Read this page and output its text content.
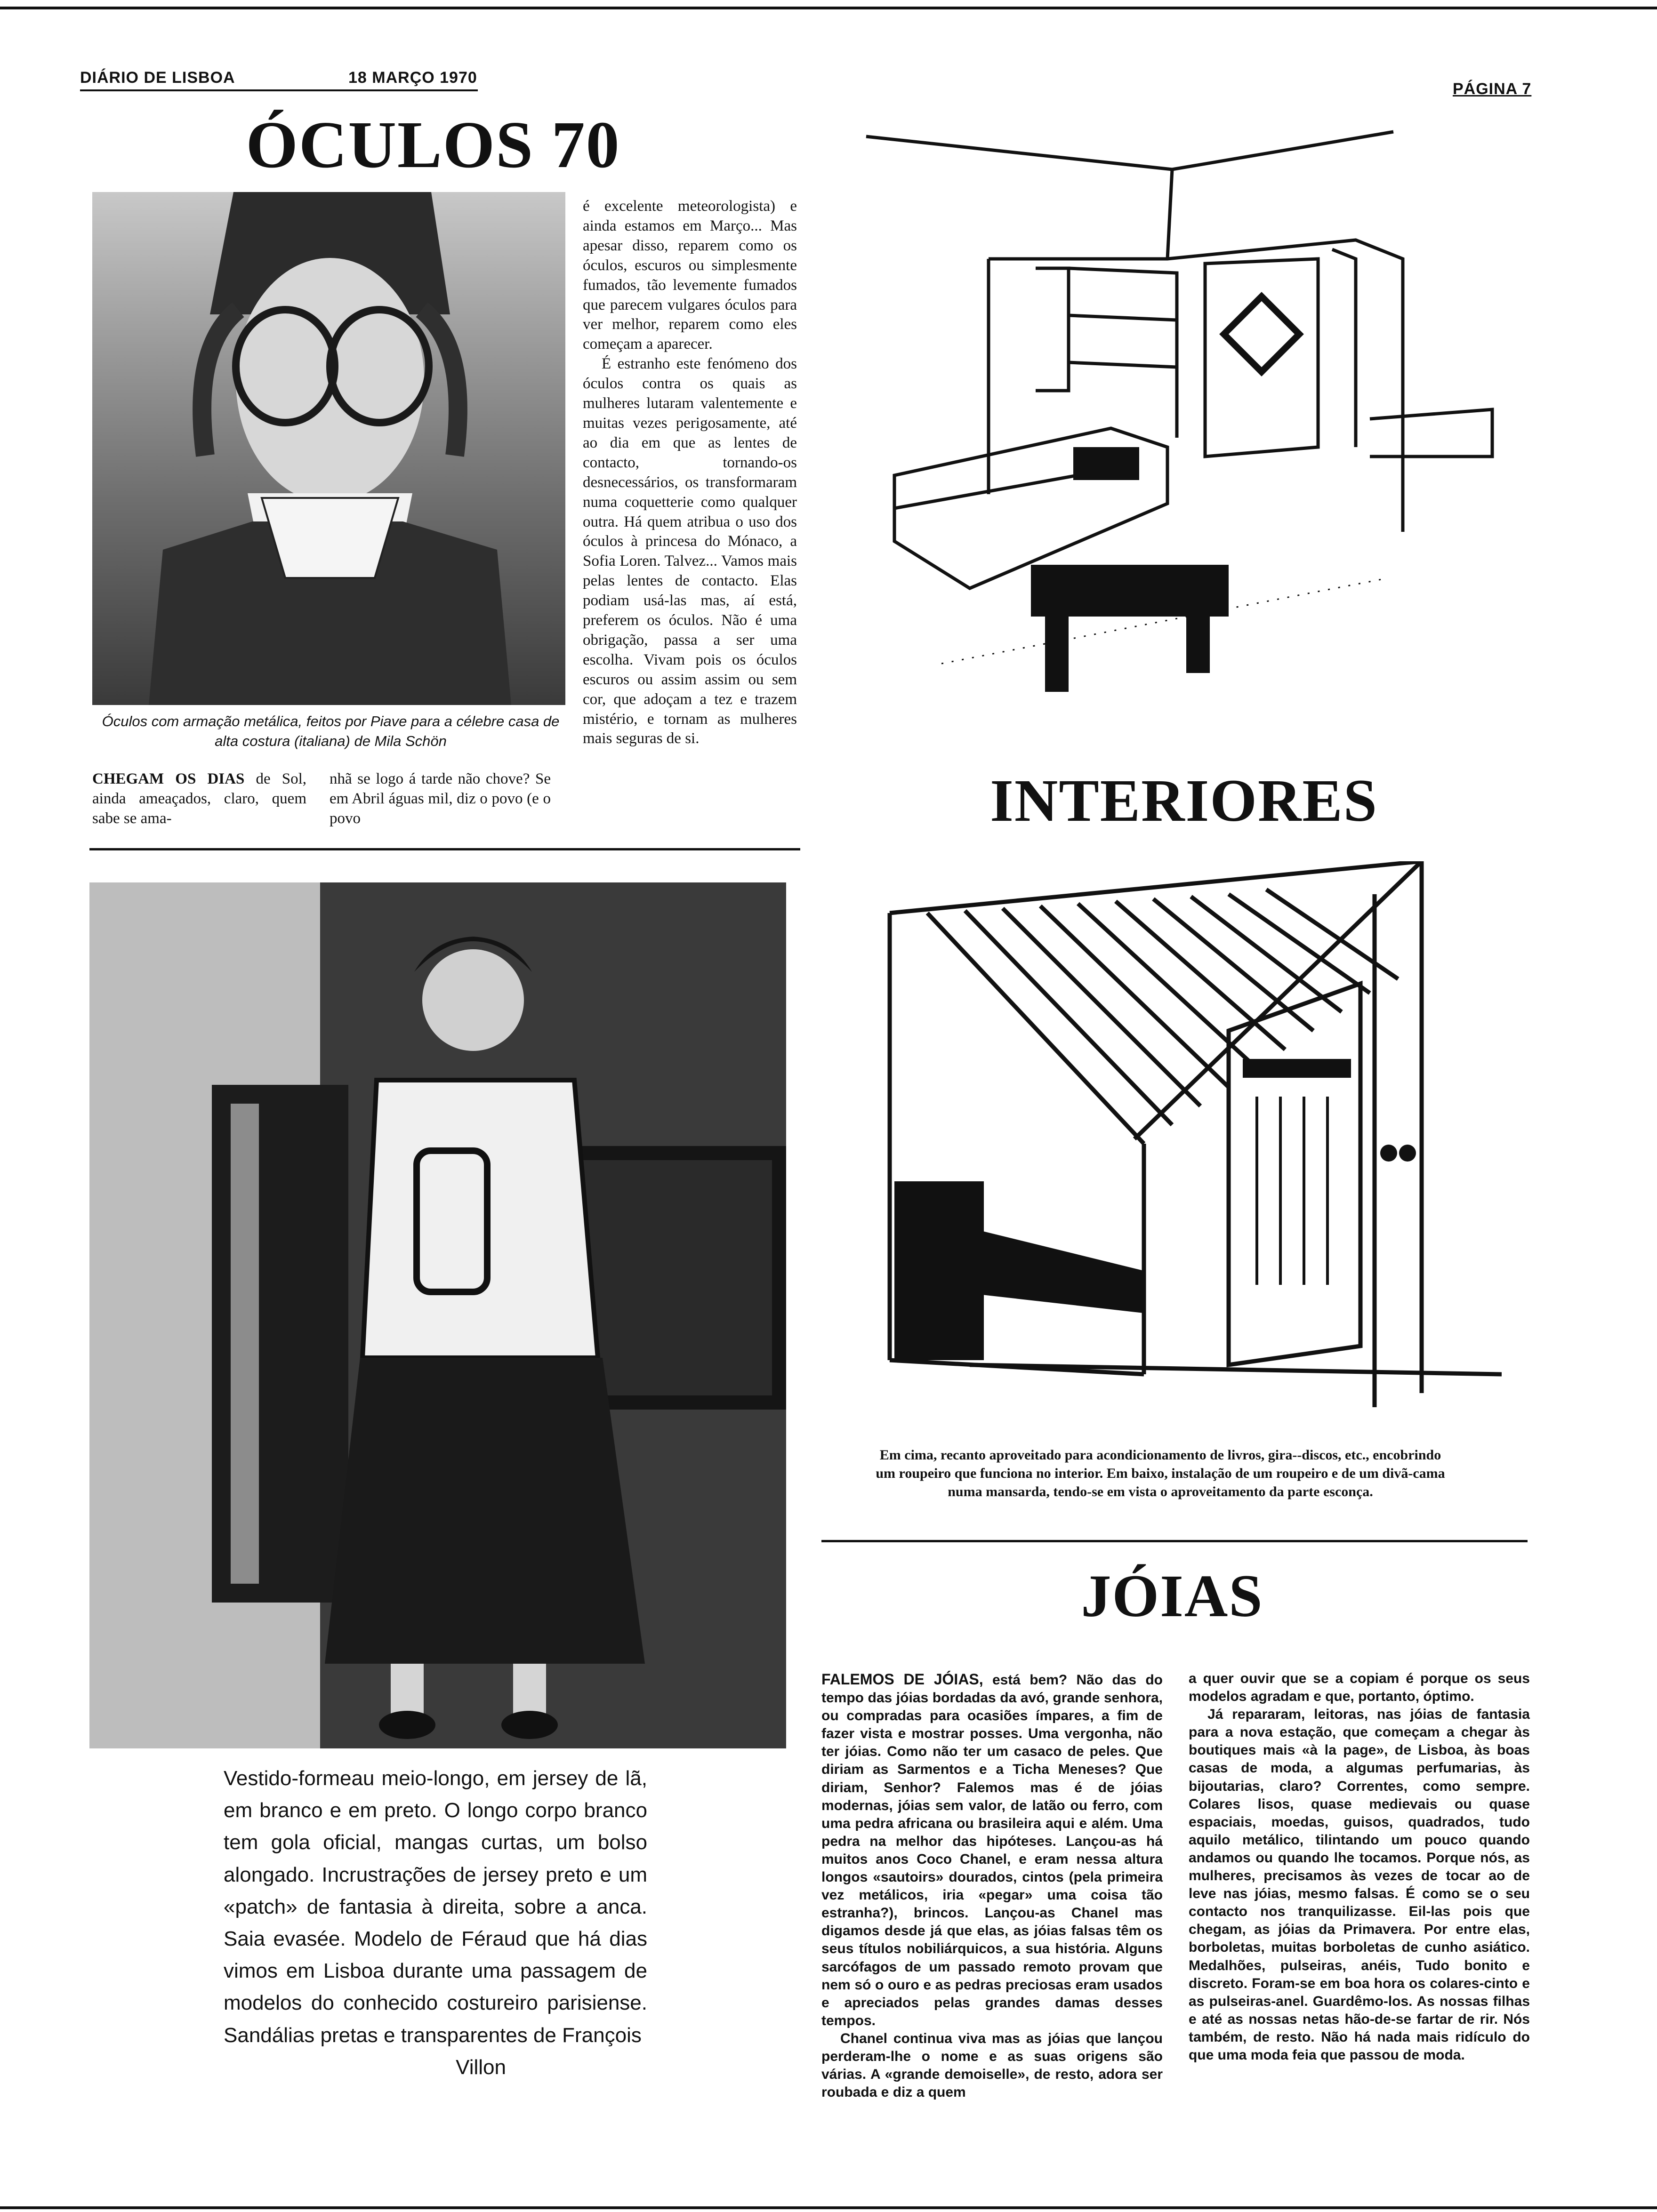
DIÁRIO DE LISBOA	18 MARÇO 1970
PÁGINA 7
ÓCULOS 70
Óculos com armação metálica, feitos por Piave para a célebre casa de alta costura (italiana) de Mila Schön
CHEGAM OS DIAS de Sol, ainda ameaçados, claro, quem sabe se ama-
nhã se logo á tarde não chove? Se em Abril águas mil, diz o povo (e o povo

é excelente meteorologista) e ainda estamos em Março... Mas apesar disso, reparem como os óculos, escuros ou simplesmente fumados, tão levemente fumados que parecem vulgares óculos para ver melhor, reparem como eles começam a aparecer.

É estranho este fenómeno dos óculos contra os quais as mulheres lutaram valentemente e muitas vezes perigosamente, até ao dia em que as lentes de contacto, tornando-os desnecessários, os transformaram numa coquetterie como qualquer outra. Há quem atribua o uso dos óculos à princesa do Mónaco, a Sofia Loren. Talvez... Vamos mais pelas lentes de contacto. Elas podiam usá-las mas, aí está, preferem os óculos. Não é uma obrigação, passa a ser uma escolha. Vivam pois os óculos escuros ou assim assim ou sem cor, que adoçam a tez e trazem mistério, e tornam as mulheres mais seguras de si.

Vestido-formeau meio-longo, em jersey de lã, em branco e em preto. O longo corpo branco tem gola oficial, mangas curtas, um bolso alongado. Incrustrações de jersey preto e um «patch» de fantasia à direita, sobre a anca. Saia evasée. Modelo de Féraud que há dias vimos em Lisboa durante uma passagem de modelos do conhecido costureiro parisiense. Sandálias pretas e transparentes de François
Villon
INTERIORES
Em cima, recanto aproveitado para acondicionamento de livros, gira--discos, etc., encobrindo um roupeiro que funciona no interior. Em baixo, instalação de um roupeiro e de um divã-cama numa mansarda, tendo-se em vista o aproveitamento da parte esconça.
JÓIAS

FALEMOS DE JÓIAS, está bem? Não das do tempo das jóias bordadas da avó, grande senhora, ou compradas para ocasiões ímpares, a fim de fazer vista e mostrar posses. Uma vergonha, não ter jóias. Como não ter um casaco de peles. Que diriam as Sarmentos e a Ticha Meneses? Que diriam, Senhor? Falemos mas é de jóias modernas, jóias sem valor, de latão ou ferro, com uma pedra africana ou brasileira aqui e além. Uma pedra na melhor das hipóteses. Lançou-as há muitos anos Coco Chanel, e eram nessa altura longos «sautoirs» dourados, cintos (pela primeira vez metálicos, iria «pegar» uma coisa tão estranha?), brincos. Lançou-as Chanel mas digamos desde já que elas, as jóias falsas têm os seus títulos nobiliárquicos, a sua história. Alguns sarcófagos de um passado remoto provam que nem só o ouro e as pedras preciosas eram usados e apreciados pelas grandes damas desses tempos.

Chanel continua viva mas as jóias que lançou perderam-lhe o nome e as suas origens são várias. A «grande demoiselle», de resto, adora ser roubada e diz a quem

a quer ouvir que se a copiam é porque os seus modelos agradam e que, portanto, óptimo.

Já repararam, leitoras, nas jóias de fantasia para a nova estação, que começam a chegar às boutiques mais «à la page», de Lisboa, às boas casas de moda, a algumas perfumarias, às bijoutarias, claro? Correntes, como sempre. Colares lisos, quase medievais ou quase espaciais, moedas, guisos, quadrados, tudo aquilo metálico, tilintando um pouco quando andamos ou quando lhe tocamos. Porque nós, as mulheres, precisamos às vezes de tocar ao de leve nas jóias, mesmo falsas. É como se o seu contacto nos tranquilizasse. Eil-las pois que chegam, as jóias da Primavera. Por entre elas, borboletas, muitas borboletas de cunho asiático. Medalhões, pulseiras, anéis, Tudo bonito e discreto. Foram-se em boa hora os colares-cinto e as pulseiras-anel. Guardêmo-los. As nossas filhas e até as nossas netas hão-de-se fartar de rir. Nós também, de resto. Não há nada mais ridículo do que uma moda feia que passou de moda.
